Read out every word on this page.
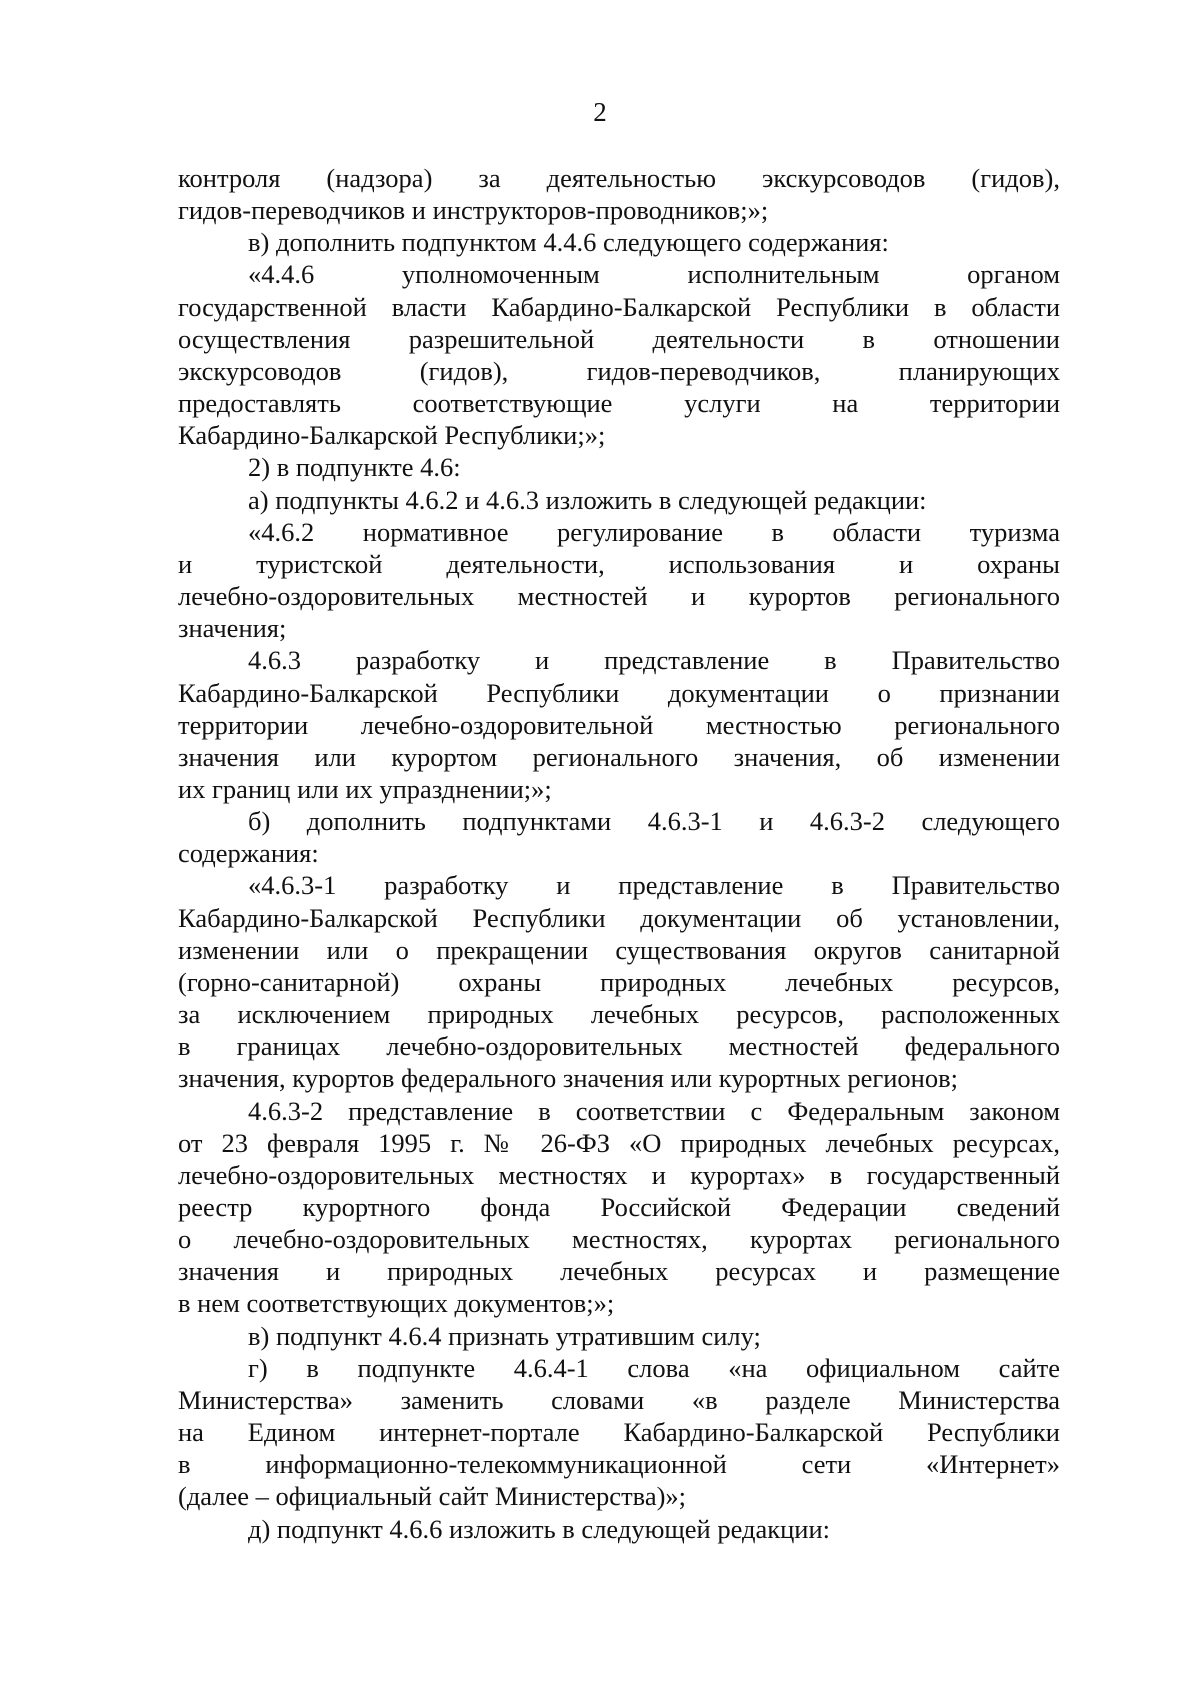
2

контроля (надзора) за деятельностью экскурсоводов (гидов),

гидов-переводчиков и инструкторов-проводников;»;

в) дополнить подпунктом 4.4.6 следующего содержания:

«4.4.6 уполномоченным исполнительным органом

государственной власти Кабардино-Балкарской Республики в области

осуществления разрешительной деятельности в отношении

экскурсоводов (гидов), гидов-переводчиков, планирующих

предоставлять соответствующие услуги на территории

Кабардино-Балкарской Республики;»;

2) в подпункте 4.6:

а) подпункты 4.6.2 и 4.6.3 изложить в следующей редакции:

«4.6.2 нормативное регулирование в области туризма

и туристской деятельности, использования и охраны

лечебно-оздоровительных местностей и курортов регионального

значения;

4.6.3 разработку и представление в Правительство

Кабардино-Балкарской Республики документации о признании

территории лечебно-оздоровительной местностью регионального

значения или курортом регионального значения, об изменении

их границ или их упразднении;»;

б) дополнить подпунктами 4.6.3-1 и 4.6.3-2 следующего

содержания:

«4.6.3-1 разработку и представление в Правительство

Кабардино-Балкарской Республики документации об установлении,

изменении или о прекращении существования округов санитарной

(горно-санитарной) охраны природных лечебных ресурсов,

за исключением природных лечебных ресурсов, расположенных

в границах лечебно-оздоровительных местностей федерального

значения, курортов федерального значения или курортных регионов;

4.6.3-2 представление в соответствии с Федеральным законом

от 23 февраля 1995 г. № 26-ФЗ «О природных лечебных ресурсах,

лечебно-оздоровительных местностях и курортах» в государственный

реестр курортного фонда Российской Федерации сведений

о лечебно-оздоровительных местностях, курортах регионального

значения и природных лечебных ресурсах и размещение

в нем соответствующих документов;»;

в) подпункт 4.6.4 признать утратившим силу;

г) в подпункте 4.6.4-1 слова «на официальном сайте

Министерства» заменить словами «в разделе Министерства

на Едином интернет-портале Кабардино-Балкарской Республики

в информационно-телекоммуникационной сети «Интернет»

(далее – официальный сайт Министерства)»;

д) подпункт 4.6.6 изложить в следующей редакции:
